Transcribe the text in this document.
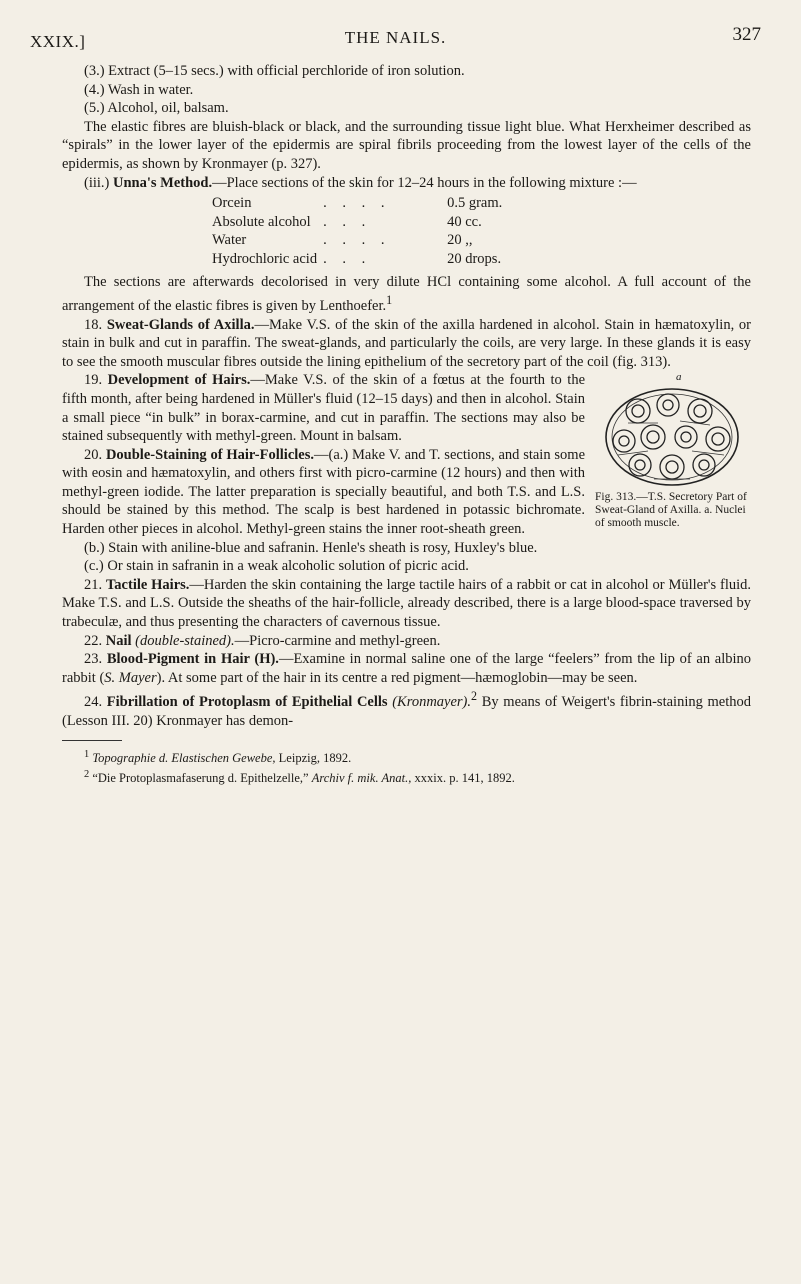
XXIX.]	THE NAILS.	327

(3.) Extract (5–15 secs.) with official perchloride of iron solution.

(4.) Wash in water.

(5.) Alcohol, oil, balsam.

The elastic fibres are bluish-black or black, and the surrounding tissue light blue. What Herxheimer described as “spirals” in the lower layer of the epidermis are spiral fibrils proceeding from the lowest layer of the cells of the epidermis, as shown by Kronmayer (p. 327).

(iii.) Unna's Method.—Place sections of the skin for 12–24 hours in the following mixture :—

Orcein	. . . .	0.5 gram.
Absolute alcohol	. . .	40 cc.
Water	. . . .	20 ,,
Hydrochloric acid	. . .	20 drops.

The sections are afterwards decolorised in very dilute HCl containing some alcohol. A full account of the arrangement of the elastic fibres is given by Lenthoefer.$^1$

18. Sweat-Glands of Axilla.—Make V.S. of the skin of the axilla hardened in alcohol. Stain in hæmatoxylin, or stain in bulk and cut in paraffin. The sweat-glands, and particularly the coils, are very large. In these glands it is easy to see the smooth muscular fibres outside the lining epithelium of the secretory part of the coil (fig. 313).

a
Fig. 313.—T.S. Secretory Part of Sweat-Gland of Axilla. a. Nuclei of smooth muscle.

19. Development of Hairs.—Make V.S. of the skin of a fœtus at the fourth to the fifth month, after being hardened in Müller's fluid (12–15 days) and then in alcohol. Stain a small piece “in bulk” in borax-carmine, and cut in paraffin. The sections may also be stained subsequently with methyl-green. Mount in balsam.

20. Double-Staining of Hair-Follicles.—(a.) Make V. and T. sections, and stain some with eosin and hæmatoxylin, and others first with picro-carmine (12 hours) and then with methyl-green iodide. The latter preparation is specially beautiful, and both T.S. and L.S. should be stained by this method. The scalp is best hardened in potassic bichromate. Harden other pieces in alcohol. Methyl-green stains the inner root-sheath green.

(b.) Stain with aniline-blue and safranin. Henle's sheath is rosy, Huxley's blue.

(c.) Or stain in safranin in a weak alcoholic solution of picric acid.

21. Tactile Hairs.—Harden the skin containing the large tactile hairs of a rabbit or cat in alcohol or Müller's fluid. Make T.S. and L.S. Outside the sheaths of the hair-follicle, already described, there is a large blood-space traversed by trabeculæ, and thus presenting the characters of cavernous tissue.

22. Nail (double-stained).—Picro-carmine and methyl-green.

23. Blood-Pigment in Hair (H).—Examine in normal saline one of the large “feelers” from the lip of an albino rabbit (S. Mayer). At some part of the hair in its centre a red pigment—hæmoglobin—may be seen.

24. Fibrillation of Protoplasm of Epithelial Cells (Kronmayer).$^2$ By means of Weigert's fibrin-staining method (Lesson III. 20) Kronmayer has demon-

$^1$ Topographie d. Elastischen Gewebe, Leipzig, 1892.

$^2$ “Die Protoplasmafaserung d. Epithelzelle,” Archiv f. mik. Anat., xxxix. p. 141, 1892.
